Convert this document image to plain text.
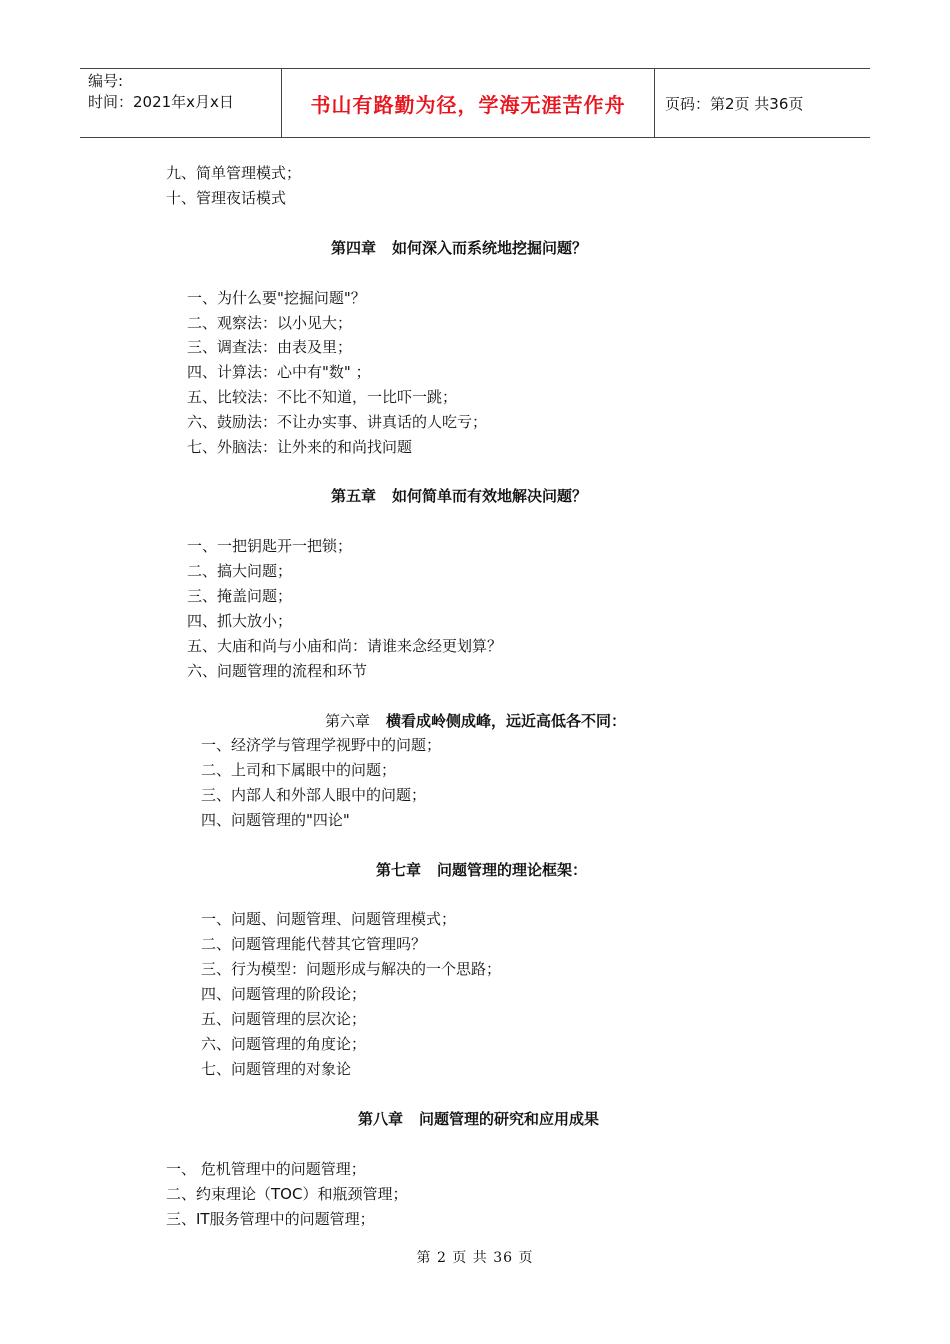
编号:
时间：2021年x月x日	书山有路勤为径，学海无涯苦作舟	页码：第2页 共36页
九、简单管理模式；
十、管理夜话模式
第四章 如何深入而系统地挖掘问题？
一、为什么要"挖掘问题"？
二、观察法：以小见大；
三、调查法：由表及里；
四、计算法：心中有"数" ；
五、比较法：不比不知道，一比吓一跳；
六、鼓励法：不让办实事、讲真话的人吃亏；
七、外脑法：让外来的和尚找问题
第五章 如何简单而有效地解决问题？
一、一把钥匙开一把锁；
二、搞大问题；
三、掩盖问题；
四、抓大放小；
五、大庙和尚与小庙和尚：请谁来念经更划算？
六、问题管理的流程和环节
第六章 横看成岭侧成峰，远近高低各不同：
一、经济学与管理学视野中的问题；
二、上司和下属眼中的问题；
三、内部人和外部人眼中的问题；
四、问题管理的"四论"
第七章 问题管理的理论框架：
一、问题、问题管理、问题管理模式；
二、问题管理能代替其它管理吗？
三、行为模型：问题形成与解决的一个思路；
四、问题管理的阶段论；
五、问题管理的层次论；
六、问题管理的角度论；
七、问题管理的对象论
第八章 问题管理的研究和应用成果
一、 危机管理中的问题管理；
二、约束理论（TOC）和瓶颈管理；
三、IT服务管理中的问题管理；
第 2 页 共 36 页
